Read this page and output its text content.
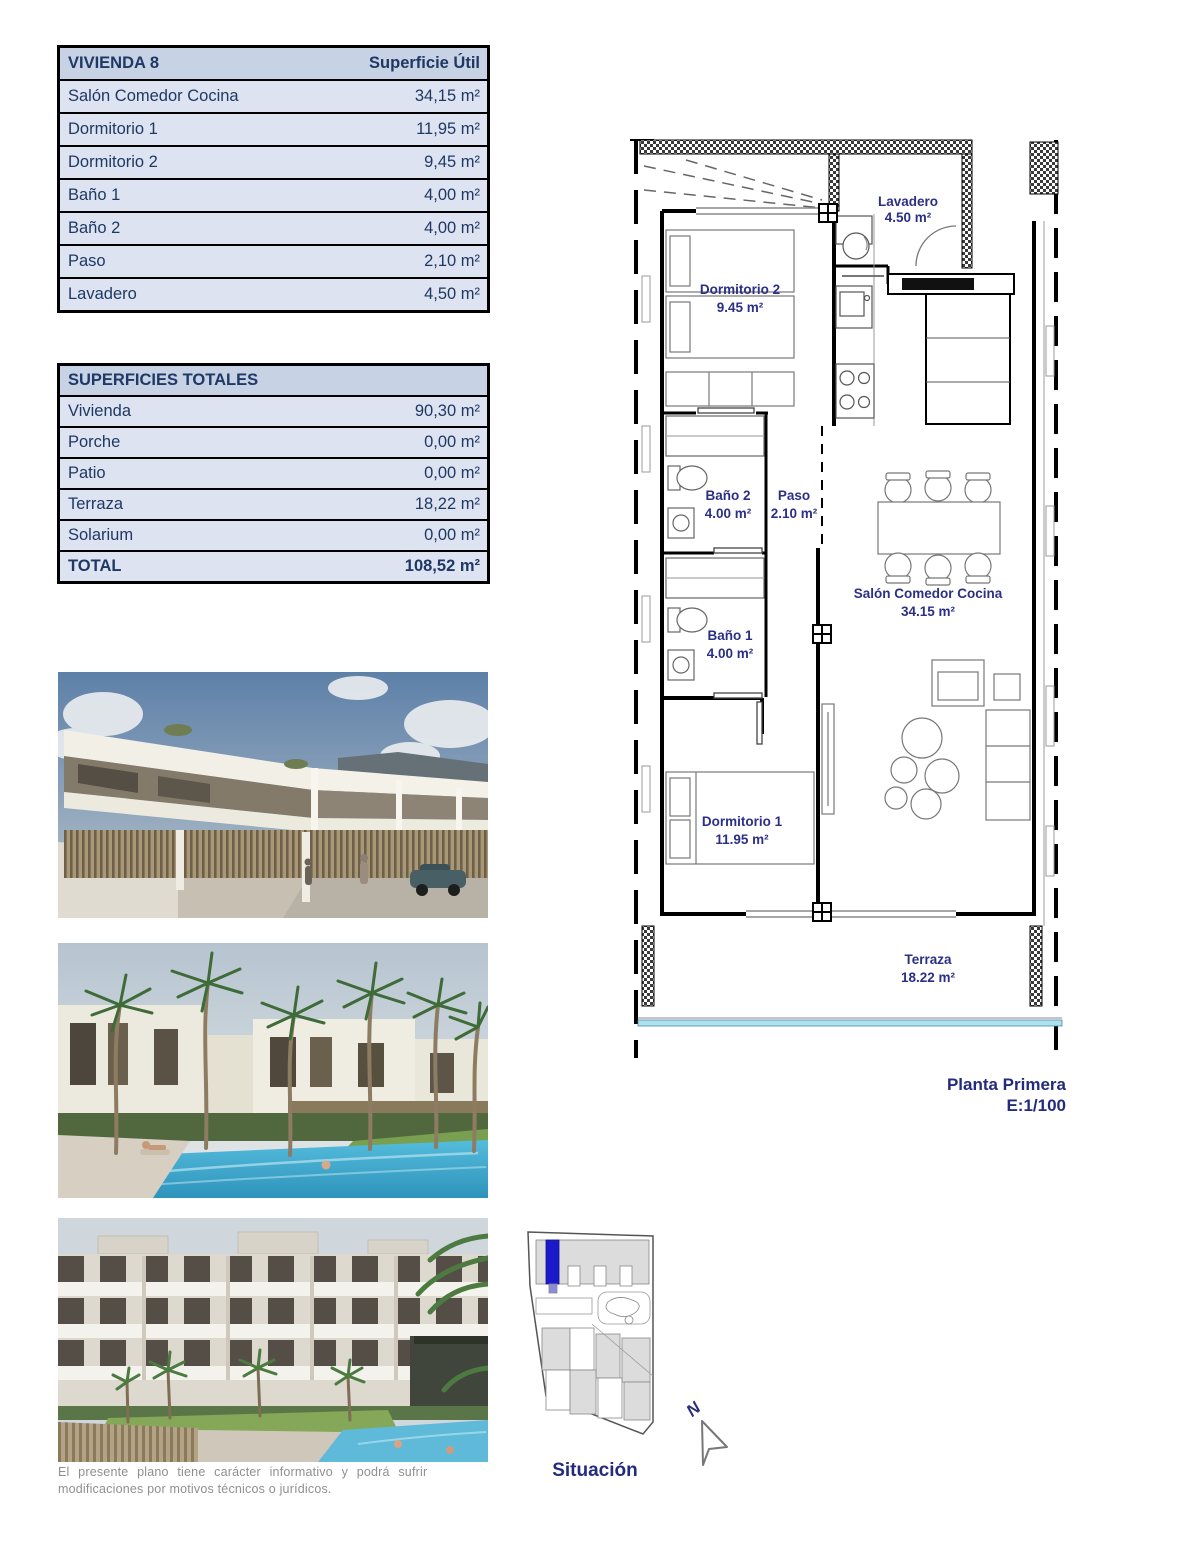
VIVIENDA 8	Superficie Útil
Salón Comedor Cocina	34,15 m²
Dormitorio 1	11,95 m²
Dormitorio 2	9,45 m²
Baño 1	4,00 m²
Baño 2	4,00 m²
Paso	2,10 m²
Lavadero	4,50 m²
SUPERFICIES TOTALES
Vivienda	90,30 m²
Porche	0,00 m²
Patio	0,00 m²
Terraza	18,22 m²
Solarium	0,00 m²
TOTAL	108,52 m²
Lavadero
4.50 m²
Dormitorio 2
9.45 m²
Baño 2
4.00 m²
Paso
2.10 m²
Salón Comedor Cocina
34.15 m²
Baño 1
4.00 m²
Dormitorio 1
11.95 m²
Terraza
18.22 m²
Planta Primera
E:1/100
Situación
N
El presente plano tiene carácter informativo y podrá sufrir
modificaciones por motivos técnicos o jurídicos.
